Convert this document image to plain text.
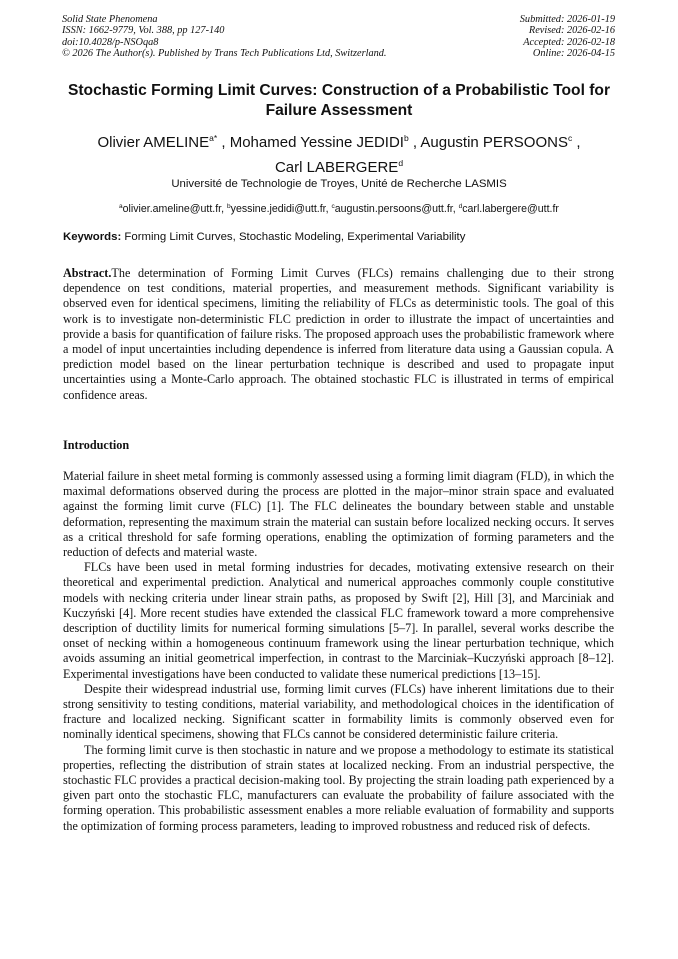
Solid State Phenomena
ISSN: 1662-9779, Vol. 388, pp 127-140
doi:10.4028/p-NSOqa8
© 2026 The Author(s). Published by Trans Tech Publications Ltd, Switzerland.
Submitted: 2026-01-19
Revised: 2026-02-16
Accepted: 2026-02-18
Online: 2026-04-15
Stochastic Forming Limit Curves: Construction of a Probabilistic Tool for Failure Assessment
Olivier $AMELINE^{a*}$ , Mohamed Yessine JEDIDI$^b$ , Augustin PERSOONS$^c$ ,
Carl LABERGERE$^d$
Université de Technologie de Troyes, Unité de Recherche LASMIS
$^a$olivier.ameline@utt.fr, $^b$yessine.jedidi@utt.fr, $^c$augustin.persoons@utt.fr, $^d$carl.labergere@utt.fr
Keywords: Forming Limit Curves, Stochastic Modeling, Experimental Variability

Abstract.The determination of Forming Limit Curves (FLCs) remains challenging due to their strong dependence on test conditions, material properties, and measurement methods. Significant variability is observed even for identical specimens, limiting the reliability of FLCs as deterministic tools. The goal of this work is to investigate non-deterministic FLC prediction in order to illustrate the impact of uncertainties and provide a basis for quantification of failure risks. The proposed approach uses the probabilistic framework where a model of input uncertainties including dependence is inferred from literature data using a Gaussian copula. A prediction model based on the linear perturbation technique is described and used to propagate input uncertainties using a Monte-Carlo approach. The obtained stochastic FLC is illustrated in terms of empirical confidence areas.

Introduction

Material failure in sheet metal forming is commonly assessed using a forming limit diagram (FLD), in which the maximal deformations observed during the process are plotted in the major–minor strain space and evaluated against the forming limit curve (FLC) [1]. The FLC delineates the boundary between stable and unstable deformation, representing the maximum strain the material can sustain before localized necking occurs. It serves as a critical threshold for safe forming operations, enabling the optimization of forming parameters and the reduction of defects and material waste.

FLCs have been used in metal forming industries for decades, motivating extensive research on their theoretical and experimental prediction. Analytical and numerical approaches commonly couple constitutive models with necking criteria under linear strain paths, as proposed by Swift [2], Hill [3], and Marciniak and Kuczyński [4]. More recent studies have extended the classical FLC framework toward a more comprehensive description of ductility limits for numerical forming simulations [5–7]. In parallel, several works describe the onset of necking within a homogeneous continuum framework using the linear perturbation technique, which avoids assuming an initial geometrical imperfection, in contrast to the Marciniak–Kuczyński approach [8–12]. Experimental investigations have been conducted to validate these numerical predictions [13–15].

Despite their widespread industrial use, forming limit curves (FLCs) have inherent limitations due to their strong sensitivity to testing conditions, material variability, and methodological choices in the identification of fracture and localized necking. Significant scatter in formability limits is commonly observed even for nominally identical specimens, showing that FLCs cannot be considered deterministic failure criteria.

The forming limit curve is then stochastic in nature and we propose a methodology to estimate its statistical properties, reflecting the distribution of strain states at localized necking. From an industrial perspective, the stochastic FLC provides a practical decision-making tool. By projecting the strain loading path experienced by a given part onto the stochastic FLC, manufacturers can evaluate the probability of failure associated with the forming operation. This probabilistic assessment enables a more reliable evaluation of formability and supports the optimization of forming process parameters, leading to improved robustness and reduced risk of defects.
